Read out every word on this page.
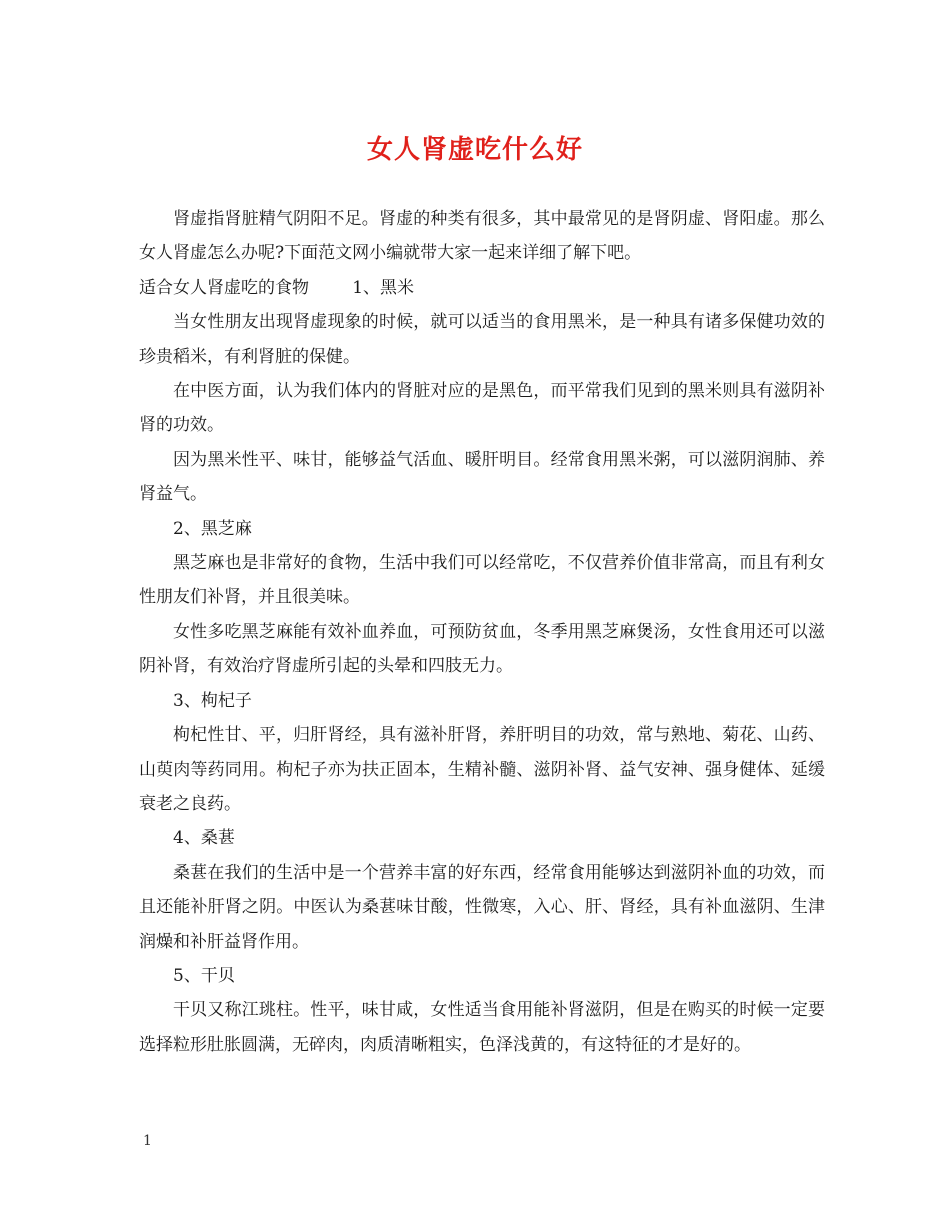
女人肾虚吃什么好

肾虚指肾脏精气阴阳不足。肾虚的种类有很多，其中最常见的是肾阴虚、肾阳虚。那么女人肾虚怎么办呢?下面范文网小编就带大家一起来详细了解下吧。

适合女人肾虚吃的食物	1、黑米

当女性朋友出现肾虚现象的时候，就可以适当的食用黑米，是一种具有诸多保健功效的珍贵稻米，有利肾脏的保健。

在中医方面，认为我们体内的肾脏对应的是黑色，而平常我们见到的黑米则具有滋阴补肾的功效。

因为黑米性平、味甘，能够益气活血、暖肝明目。经常食用黑米粥，可以滋阴润肺、养肾益气。

2、黑芝麻

黑芝麻也是非常好的食物，生活中我们可以经常吃，不仅营养价值非常高，而且有利女性朋友们补肾，并且很美味。

女性多吃黑芝麻能有效补血养血，可预防贫血，冬季用黑芝麻煲汤，女性食用还可以滋阴补肾，有效治疗肾虚所引起的头晕和四肢无力。

3、枸杞子

枸杞性甘、平，归肝肾经，具有滋补肝肾，养肝明目的功效，常与熟地、菊花、山药、山萸肉等药同用。枸杞子亦为扶正固本，生精补髓、滋阴补肾、益气安神、强身健体、延缓衰老之良药。

4、桑葚

桑葚在我们的生活中是一个营养丰富的好东西，经常食用能够达到滋阴补血的功效，而且还能补肝肾之阴。中医认为桑葚味甘酸，性微寒，入心、肝、肾经，具有补血滋阴、生津润燥和补肝益肾作用。

5、干贝

干贝又称江珧柱。性平，味甘咸，女性适当食用能补肾滋阴，但是在购买的时候一定要选择粒形肚胀圆满，无碎肉，肉质清晰粗实，色泽浅黄的，有这特征的才是好的。

1
